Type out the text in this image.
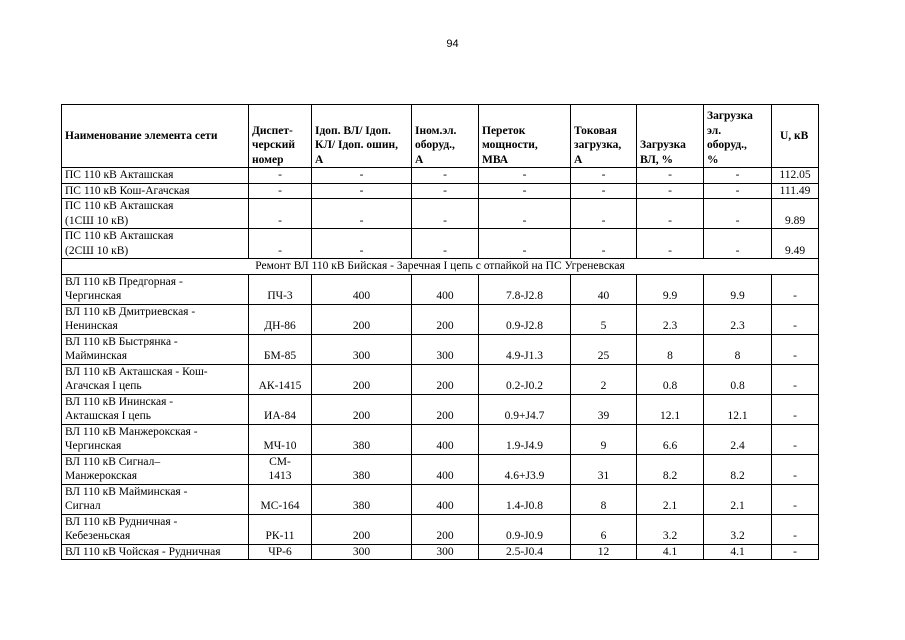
94
Наименование элемента сети	Диспет-
черский
номер	Iдоп. ВЛ/ Iдоп.
КЛ/ Iдоп. ошин,
А	Iном.эл.
оборуд.,
А	Переток
мощности,
МВА	Токовая
загрузка,
А	Загрузка
ВЛ, %	Загрузка
эл.
оборуд.,
%	U, кВ
ПС 110 кВ Акташская	-	-	-	-	-	-	-	112.05
ПС 110 кВ Кош-Агачская	-	-	-	-	-	-	-	111.49
ПС 110 кВ Акташская
(1СШ 10 кВ)	-	-	-	-	-	-	-	9.89
ПС 110 кВ Акташская
(2СШ 10 кВ)	-	-	-	-	-	-	-	9.49
Ремонт ВЛ 110 кВ Бийская - Заречная I цепь с отпайкой на ПС Угреневская								
ВЛ 110 кВ Предгорная -
Чергинская	ПЧ-3	400	400	7.8-J2.8	40	9.9	9.9	-
ВЛ 110 кВ Дмитриевская -
Ненинская	ДН-86	200	200	0.9-J2.8	5	2.3	2.3	-
ВЛ 110 кВ Быстрянка -
Майминская	БМ-85	300	300	4.9-J1.3	25	8	8	-
ВЛ 110 кВ Акташская - Кош-
Агачская I цепь	АК-1415	200	200	0.2-J0.2	2	0.8	0.8	-
ВЛ 110 кВ Ининская -
Акташская I цепь	ИА-84	200	200	0.9+J4.7	39	12.1	12.1	-
ВЛ 110 кВ Манжерокская -
Чергинская	МЧ-10	380	400	1.9-J4.9	9	6.6	2.4	-
ВЛ 110 кВ Сигнал–
Манжерокская	СМ-
1413	380	400	4.6+J3.9	31	8.2	8.2	-
ВЛ 110 кВ Майминская -
Сигнал	МС-164	380	400	1.4-J0.8	8	2.1	2.1	-
ВЛ 110 кВ Рудничная -
Кебезеньская	РК-11	200	200	0.9-J0.9	6	3.2	3.2	-
ВЛ 110 кВ Чойская - Рудничная	ЧР-6	300	300	2.5-J0.4	12	4.1	4.1	-
